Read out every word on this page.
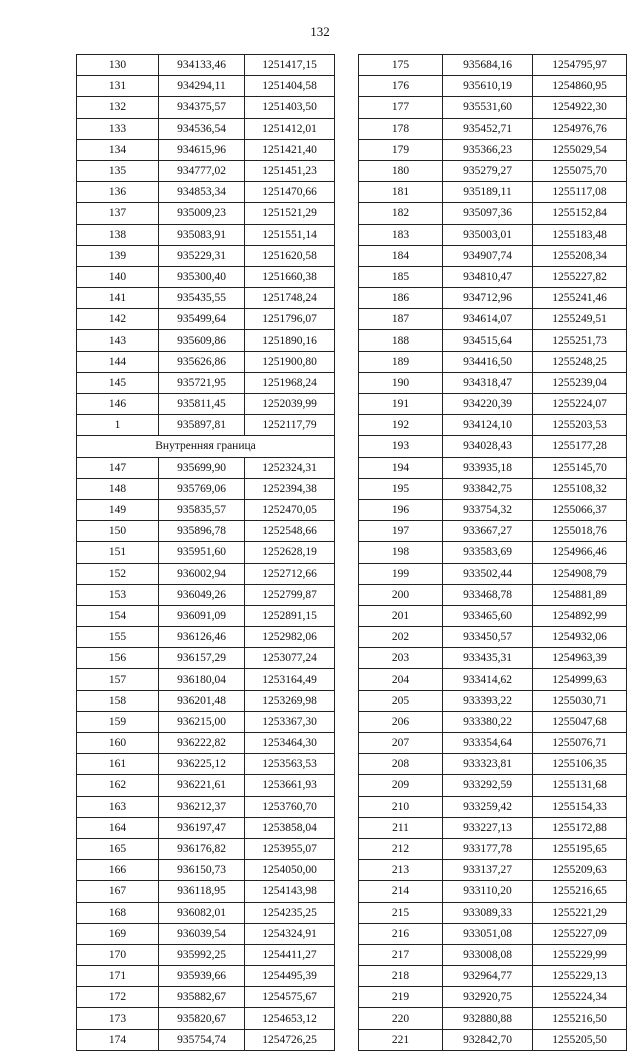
132
130	934133,46	1251417,15
131	934294,11	1251404,58
132	934375,57	1251403,50
133	934536,54	1251412,01
134	934615,96	1251421,40
135	934777,02	1251451,23
136	934853,34	1251470,66
137	935009,23	1251521,29
138	935083,91	1251551,14
139	935229,31	1251620,58
140	935300,40	1251660,38
141	935435,55	1251748,24
142	935499,64	1251796,07
143	935609,86	1251890,16
144	935626,86	1251900,80
145	935721,95	1251968,24
146	935811,45	1252039,99
1	935897,81	1252117,79
Внутренняя граница		
147	935699,90	1252324,31
148	935769,06	1252394,38
149	935835,57	1252470,05
150	935896,78	1252548,66
151	935951,60	1252628,19
152	936002,94	1252712,66
153	936049,26	1252799,87
154	936091,09	1252891,15
155	936126,46	1252982,06
156	936157,29	1253077,24
157	936180,04	1253164,49
158	936201,48	1253269,98
159	936215,00	1253367,30
160	936222,82	1253464,30
161	936225,12	1253563,53
162	936221,61	1253661,93
163	936212,37	1253760,70
164	936197,47	1253858,04
165	936176,82	1253955,07
166	936150,73	1254050,00
167	936118,95	1254143,98
168	936082,01	1254235,25
169	936039,54	1254324,91
170	935992,25	1254411,27
171	935939,66	1254495,39
172	935882,67	1254575,67
173	935820,67	1254653,12
174	935754,74	1254726,25
175	935684,16	1254795,97
176	935610,19	1254860,95
177	935531,60	1254922,30
178	935452,71	1254976,76
179	935366,23	1255029,54
180	935279,27	1255075,70
181	935189,11	1255117,08
182	935097,36	1255152,84
183	935003,01	1255183,48
184	934907,74	1255208,34
185	934810,47	1255227,82
186	934712,96	1255241,46
187	934614,07	1255249,51
188	934515,64	1255251,73
189	934416,50	1255248,25
190	934318,47	1255239,04
191	934220,39	1255224,07
192	934124,10	1255203,53
193	934028,43	1255177,28
194	933935,18	1255145,70
195	933842,75	1255108,32
196	933754,32	1255066,37
197	933667,27	1255018,76
198	933583,69	1254966,46
199	933502,44	1254908,79
200	933468,78	1254881,89
201	933465,60	1254892,99
202	933450,57	1254932,06
203	933435,31	1254963,39
204	933414,62	1254999,63
205	933393,22	1255030,71
206	933380,22	1255047,68
207	933354,64	1255076,71
208	933323,81	1255106,35
209	933292,59	1255131,68
210	933259,42	1255154,33
211	933227,13	1255172,88
212	933177,78	1255195,65
213	933137,27	1255209,63
214	933110,20	1255216,65
215	933089,33	1255221,29
216	933051,08	1255227,09
217	933008,08	1255229,99
218	932964,77	1255229,13
219	932920,75	1255224,34
220	932880,88	1255216,50
221	932842,70	1255205,50
